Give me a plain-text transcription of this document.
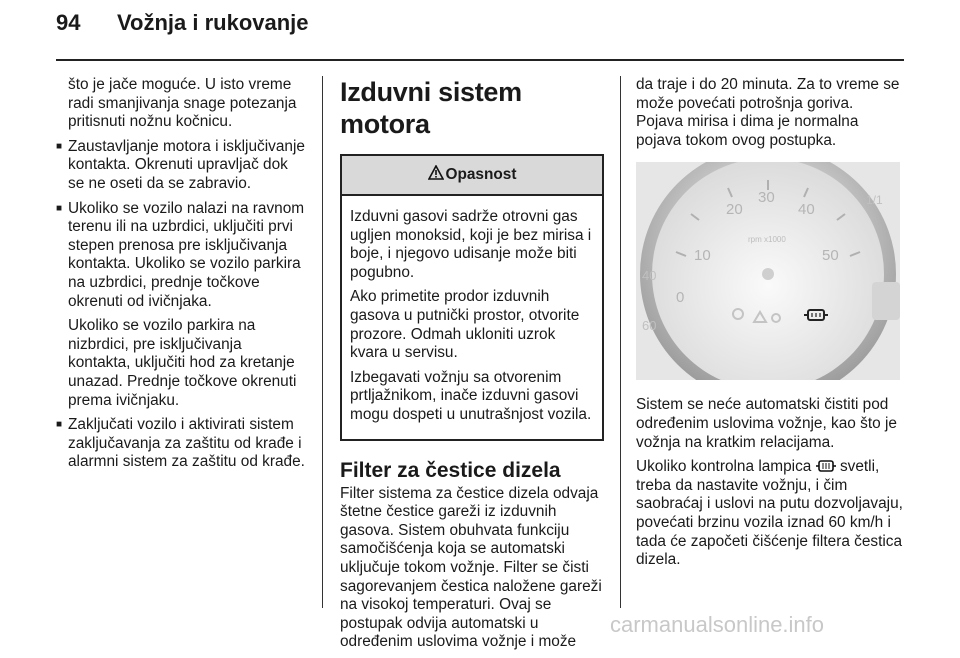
94 Vožnja i rukovanje

što je jače moguće. U isto vreme radi smanjivanja snage potezanja pritisnuti nožnu kočnicu.

■ Zaustavljanje motora i isključivanje kontakta. Okrenuti upravljač dok se ne oseti da se zabravio.

■ Ukoliko se vozilo nalazi na ravnom terenu ili na uzbrdici, uključiti prvi stepen prenosa pre isključivanja kontakta. Ukoliko se vozilo parkira na uzbrdici, prednje točkove okrenuti od ivičnjaka.

Ukoliko se vozilo parkira na nizbrdici, pre isključivanja kontakta, uključiti hod za kretanje unazad. Prednje točkove okrenuti prema ivičnjaku.

■ Zaključati vozilo i aktivirati sistem zaključavanja za zaštitu od krađe i alarmni sistem za zaštitu od krađe.

Izduvni sistem motora
Opasnost

Izduvni gasovi sadrže otrovni gas ugljen monoksid, koji je bez mirisa i boje, i njegovo udisanje može biti pogubno.

Ako primetite prodor izduvnih gasova u putnički prostor, otvorite prozore. Odmah ukloniti uzrok kvara u servisu.

Izbegavati vožnju sa otvorenim prtljažnikom, inače izduvni gasovi mogu dospeti u unutrašnjost vozila.

Filter za čestice dizela

Filter sistema za čestice dizela odvaja štetne čestice gareži iz izduvnih gasova. Sistem obuhvata funkciju samočišćenja koja se automatski uključuje tokom vožnje. Filter se čisti sagorevanjem čestica naložene gareži na visokoj temperaturi. Ovaj se postupak odvija automatski u određenim uslovima vožnje i može

da traje i do 20 minuta. Za to vreme se može povećati potrošnja goriva. Pojava mirisa i dima je normalna pojava tokom ovog postupka.

20
30
40
10	50
0
rpm x1000
1/1
40
60

Sistem se neće automatski čistiti pod određenim uslovima vožnje, kao što je vožnja na kratkim relacijama.

Ukoliko kontrolna lampica svetli, treba da nastavite vožnju, i čim saobraćaj i uslovi na putu dozvoljavaju, povećati brzinu vozila iznad 60 km/h i tada će započeti čišćenje filtera čestica dizela.

carmanualsonline.info
